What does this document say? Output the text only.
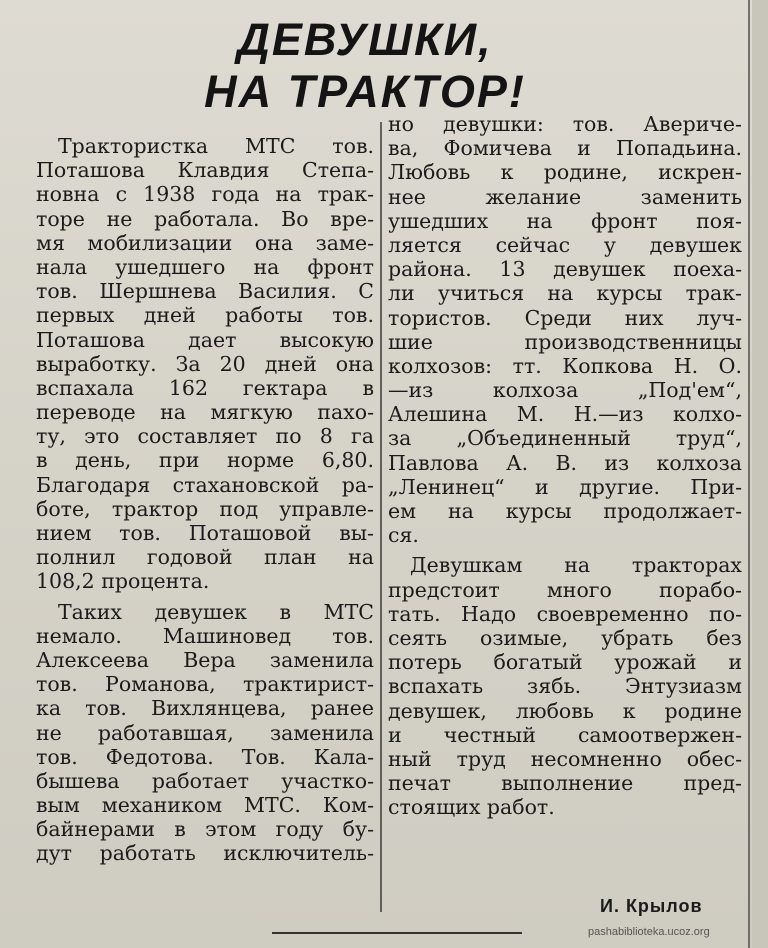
ДЕВУШКИ,
НА ТРАКТОР!
Трактористка МТС тов.
Поташова Клавдия Степа-
новна с 1938 года на трак-
торе не работала. Во вре-
мя мобилизации она заме-
нала ушедшего на фронт
тов. Шершнева Василия. С
первых дней работы тов.
Поташова дает высокую
выработку. За 20 дней она
вспахала 162 гектара в
переводе на мягкую пахо-
ту, это составляет по 8 га
в день, при норме 6,80.
Благодаря стахановской ра-
боте, трактор под управле-
нием тов. Поташовой вы-
полнил годовой план на
108,2 процента.
Таких девушек в МТС
немало. Машиновед тов.
Алексеева Вера заменила
тов. Романова, трактирист-
ка тов. Вихлянцева, ранее
не работавшая, заменила
тов. Федотова. Тов. Кала-
бышева работает участко-
вым механиком МТС. Ком-
байнерами в этом году бу-
дут работать исключитель-
но девушки: тов. Авериче-
ва, Фомичева и Попадьина.
Любовь к родине, искрен-
нее желание заменить
ушедших на фронт поя-
ляется сейчас у девушек
района. 13 девушек поеха-
ли учиться на курсы трак-
тористов. Среди них луч-
шие производственницы
колхозов: тт. Копкова Н. О.
—из колхоза „Под'ем“,
Алешина М. Н.—из колхо-
за „Объединенный труд“,
Павлова А. В. из колхоза
„Ленинец“ и другие. При-
ем на курсы продолжает-
ся.
Девушкам на тракторах
предстоит много порабо-
тать. Надо своевременно по-
сеять озимые, убрать без
потерь богатый урожай и
вспахать зябь. Энтузиазм
девушек, любовь к родине
и честный самоотвержен-
ный труд несомненно обес-
печат выполнение пред-
стоящих работ.
И. Крылов
pashabiblioteka.ucoz.org
